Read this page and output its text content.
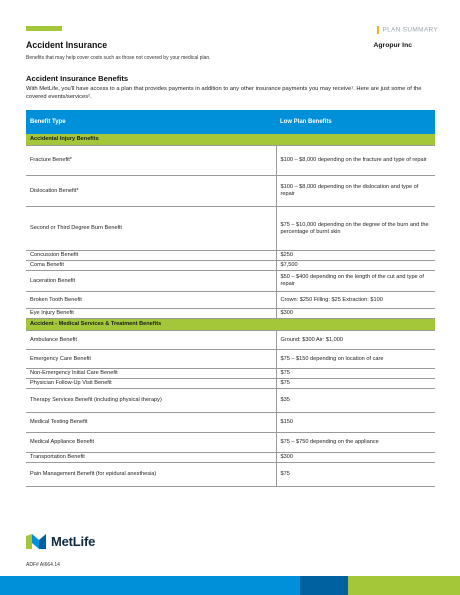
PLAN SUMMARY
Accident Insurance	Agropur Inc
Benefits that may help cover costs such as those not covered by your medical plan.
Accident Insurance Benefits
With MetLife, you'll have access to a plan that provides payments in addition to any other insurance payments you may receive¹. Here are just some of the covered events/services².
Benefit Type	Low Plan Benefits
Accidental Injury Benefits	
Fracture Benefit*	$100 – $8,000 depending on the fracture and type of repair
Dislocation Benefit*	$100 – $8,000 depending on the dislocation and type of repair
Second or Third Degree Burn Benefit	$75 – $10,000 depending on the degree of the burn and the percentage of burnt skin
Concussion Benefit	$250
Coma Benefit	$7,500
Laceration Benefit	$50 – $400 depending on the length of the cut and type of repair
Broken Tooth Benefit	Crown: $250 Filling: $25 Extraction: $100
Eye Injury Benefit	$300
Accident - Medical Services & Treatment Benefits	
Ambulance Benefit	Ground: $300 Air: $1,000
Emergency Care Benefit	$75 – $150 depending on location of care
Non-Emergency Initial Care Benefit	$75
Physician Follow-Up Visit Benefit	$75
Therapy Services Benefit (including physical therapy)	$35
Medical Testing Benefit	$150
Medical Appliance Benefit	$75 – $750 depending on the appliance
Transportation Benefit	$300
Pain Management Benefit (for epidural anesthesia)	$75
MetLife
ADF# AI664.14
